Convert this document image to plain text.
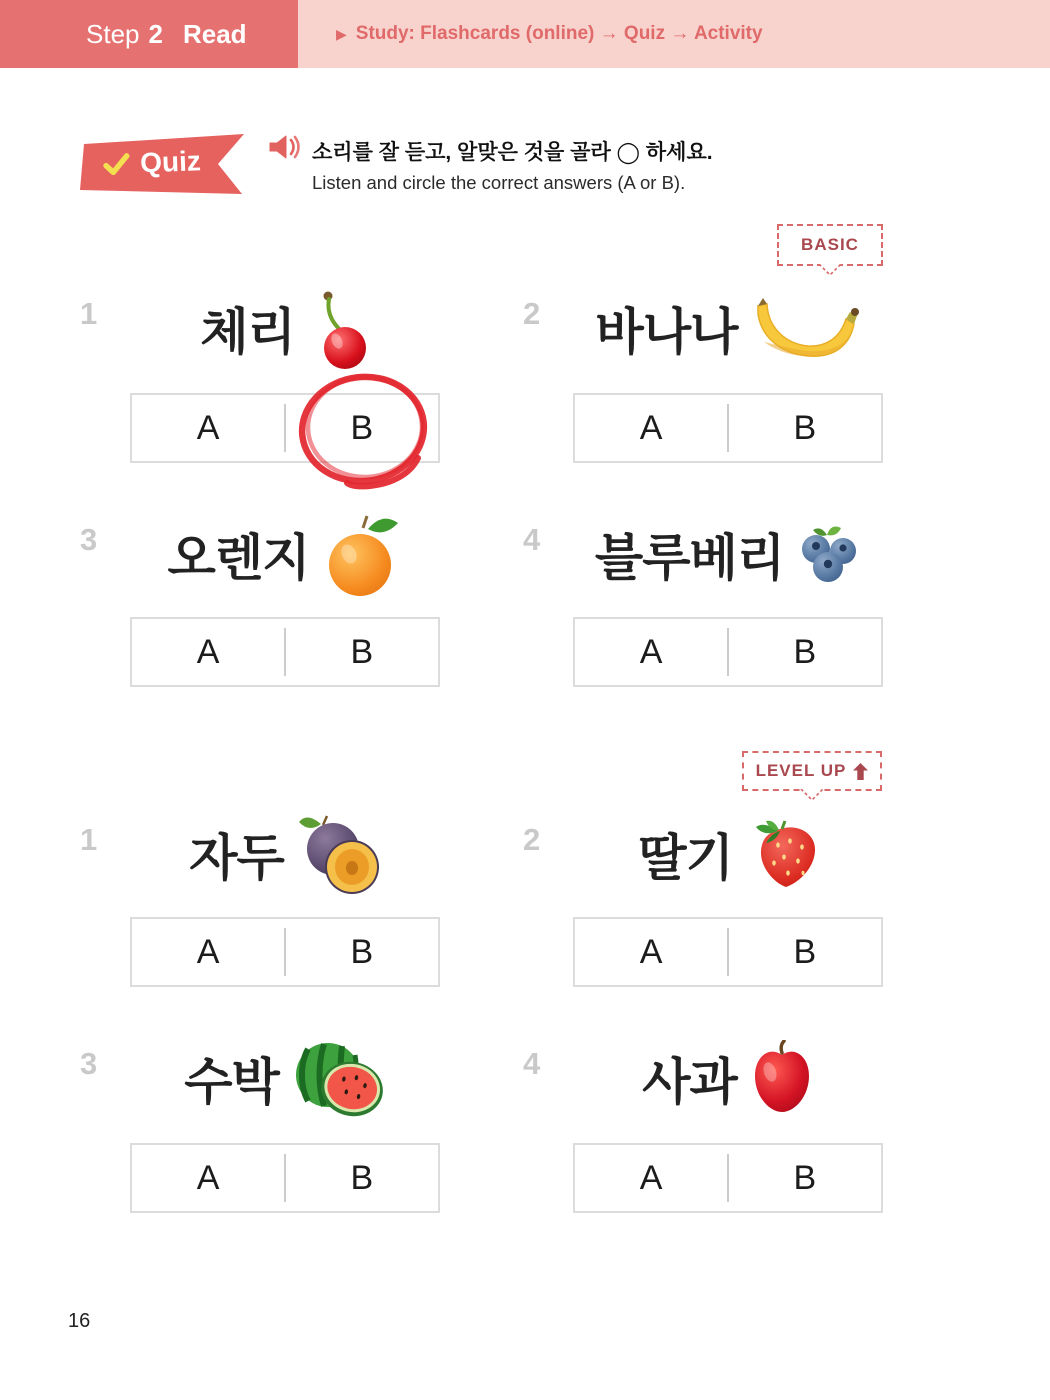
Step 2 Read	▶ Study: Flashcards (online) → Quiz → Activity
Quiz	소리를 잘 듣고, 알맞은 것을 골라 ◯ 하세요.
Listen and circle the correct answers (A or B).
BASIC
LEVEL UP
1 체리
A	B
2 바나나
A	B
3 오렌지
A	B
4 블루베리
A	B
1 자두
A	B
2 딸기
A	B
3 수박
A	B
4 사과
A	B
16
